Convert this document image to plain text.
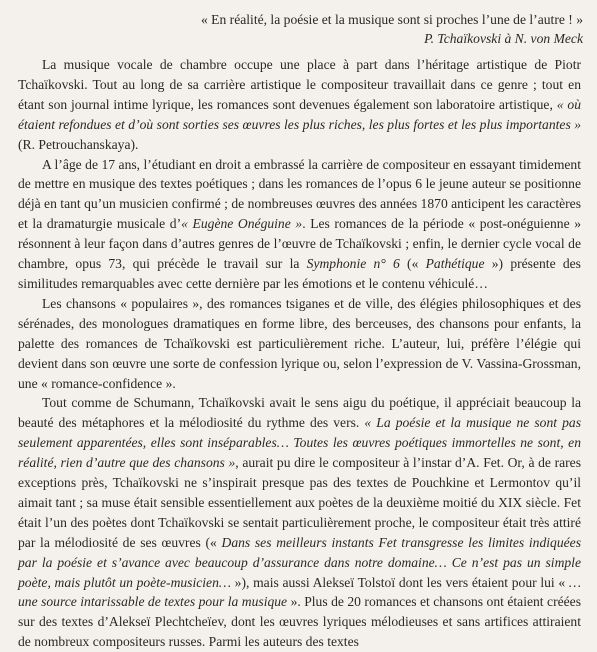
« En réalité, la poésie et la musique sont si proches l’une de l’autre ! »
P. Tchaïkovski à N. von Meck

La musique vocale de chambre occupe une place à part dans l’héritage artistique de Piotr Tchaïkovski. Tout au long de sa carrière artistique le compositeur travaillait dans ce genre ; tout en étant son journal intime lyrique, les romances sont devenues également son laboratoire artistique, « où étaient refondues et d’où sont sorties ses œuvres les plus riches, les plus fortes et les plus importantes » (R. Petrouchanskaya).

A l’âge de 17 ans, l’étudiant en droit a embrassé la carrière de compositeur en essayant timidement de mettre en musique des textes poétiques ; dans les romances de l’opus 6 le jeune auteur se positionne déjà en tant qu’un musicien confirmé ; de nombreuses œuvres des années 1870 anticipent les caractères et la dramaturgie musicale d’« Eugène Onéguine ». Les romances de la période « post-onéguienne » résonnent à leur façon dans d’autres genres de l’œuvre de Tchaïkovski ; enfin, le dernier cycle vocal de chambre, opus 73, qui précède le travail sur la Symphonie n° 6 (« Pathétique ») présente des similitudes remarquables avec cette dernière par les émotions et le contenu véhiculé…

Les chansons « populaires », des romances tsiganes et de ville, des élégies philosophiques et des sérénades, des monologues dramatiques en forme libre, des berceuses, des chansons pour enfants, la palette des romances de Tchaïkovski est particulièrement riche. L’auteur, lui, préfère l’élégie qui devient dans son œuvre une sorte de confession lyrique ou, selon l’expression de V. Vassina-Grossman, une « romance-confidence ».

Tout comme de Schumann, Tchaïkovski avait le sens aigu du poétique, il appréciait beaucoup la beauté des métaphores et la mélodiosité du rythme des vers. « La poésie et la musique ne sont pas seulement apparentées, elles sont inséparables… Toutes les œuvres poétiques immortelles ne sont, en réalité, rien d’autre que des chansons », aurait pu dire le compositeur à l’instar d’A. Fet. Or, à de rares exceptions près, Tchaïkovski ne s’inspirait presque pas des textes de Pouchkine et Lermontov qu’il aimait tant ; sa muse était sensible essentiellement aux poètes de la deuxième moitié du XIX siècle. Fet était l’un des poètes dont Tchaïkovski se sentait particulièrement proche, le compositeur était très attiré par la mélodiosité de ses œuvres (« Dans ses meilleurs instants Fet transgresse les limites indiquées par la poésie et s’avance avec beaucoup d’assurance dans notre domaine… Ce n’est pas un simple poète, mais plutôt un poète-musicien… »), mais aussi Alekseï Tolstoï dont les vers étaient pour lui « …une source intarissable de textes pour la musique ». Plus de 20 romances et chansons ont étaient créées sur des textes d’Alekseï Plechtcheïev, dont les œuvres lyriques mélodieuses et sans artifices attiraient de nombreux compositeurs russes. Parmi les auteurs des textes
